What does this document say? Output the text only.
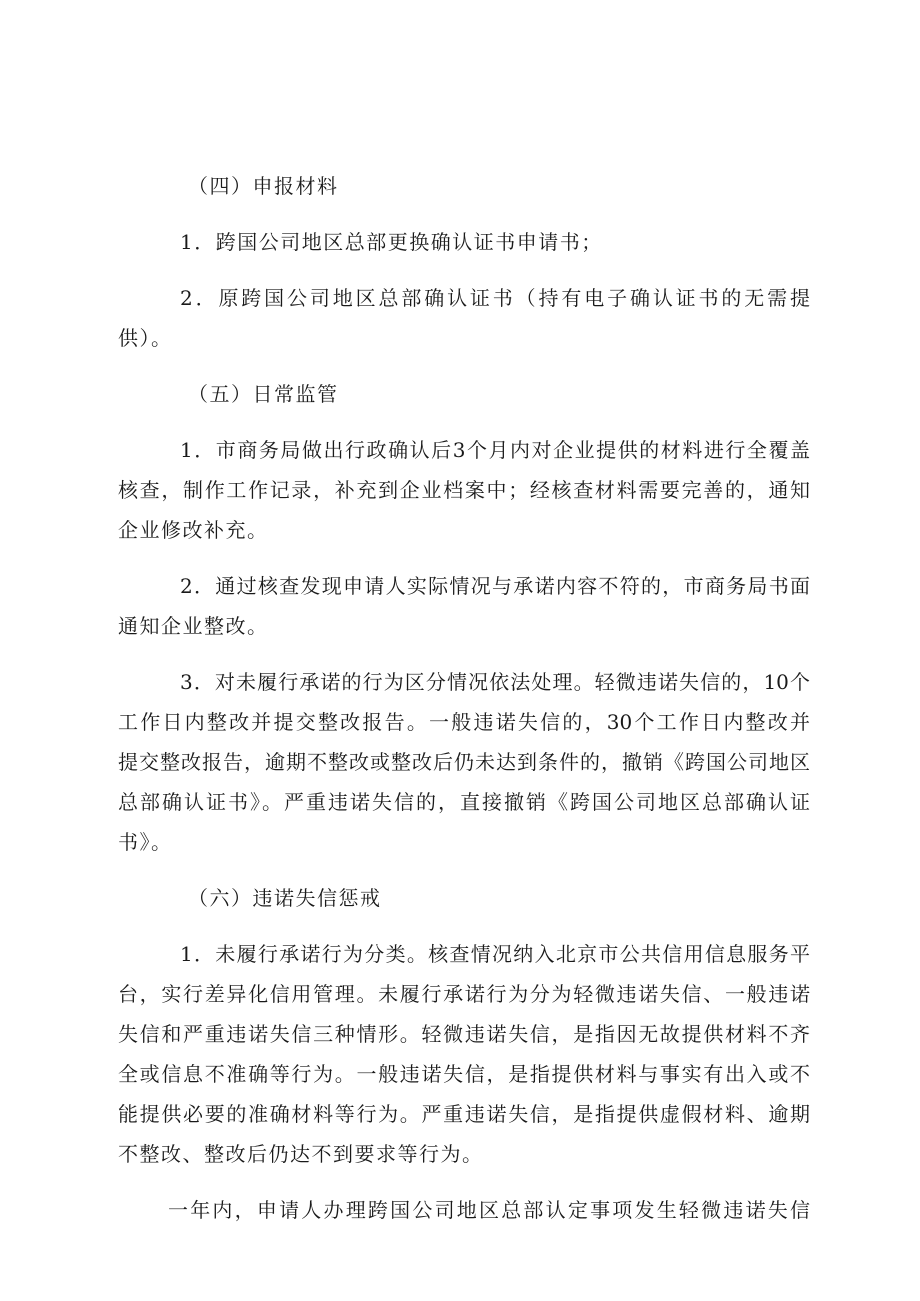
（四）申报材料
1．跨国公司地区总部更换确认证书申请书；
2．原跨国公司地区总部确认证书（持有电子确认证书的无需提
供）。
（五）日常监管
1．市商务局做出行政确认后3个月内对企业提供的材料进行全覆盖
核查，制作工作记录，补充到企业档案中；经核查材料需要完善的，通知
企业修改补充。
2．通过核查发现申请人实际情况与承诺内容不符的，市商务局书面
通知企业整改。
3．对未履行承诺的行为区分情况依法处理。轻微违诺失信的，10个
工作日内整改并提交整改报告。一般违诺失信的，30个工作日内整改并
提交整改报告，逾期不整改或整改后仍未达到条件的，撤销《跨国公司地区
总部确认证书》。严重违诺失信的，直接撤销《跨国公司地区总部确认证
书》。
（六）违诺失信惩戒
1．未履行承诺行为分类。核查情况纳入北京市公共信用信息服务平
台，实行差异化信用管理。未履行承诺行为分为轻微违诺失信、一般违诺
失信和严重违诺失信三种情形。轻微违诺失信，是指因无故提供材料不齐
全或信息不准确等行为。一般违诺失信，是指提供材料与事实有出入或不
能提供必要的准确材料等行为。严重违诺失信，是指提供虚假材料、逾期
不整改、整改后仍达不到要求等行为。
一年内，申请人办理跨国公司地区总部认定事项发生轻微违诺失信
